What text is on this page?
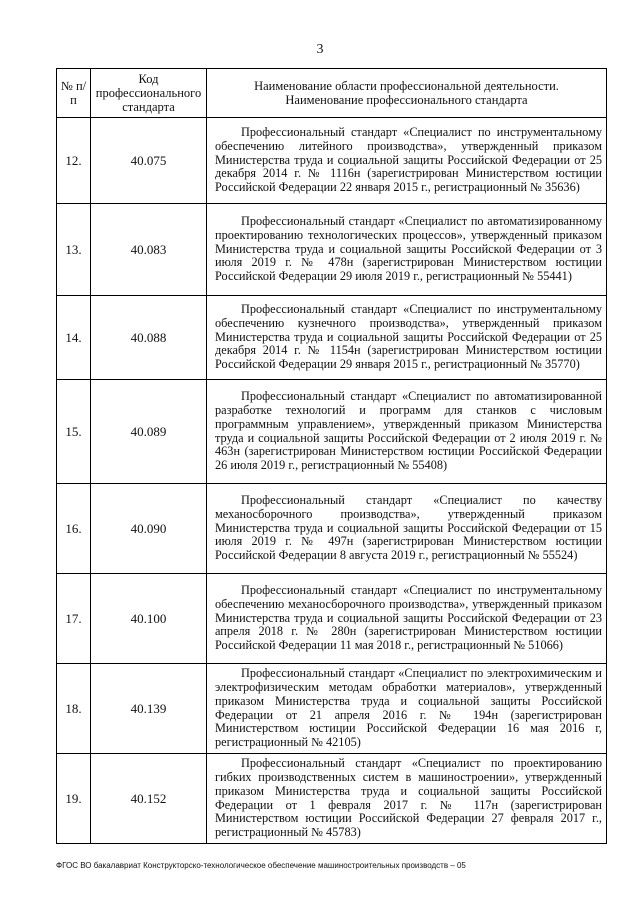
3
№ п/п	Код профессионального стандарта	Наименование области профессиональной деятельности.
Наименование профессионального стандарта

12.	40.075	Профессиональный стандарт «Специалист по инструментальному обеспечению литейного производства», утвержденный приказом Министерства труда и социальной защиты Российской Федерации от 25 декабря 2014 г. № 1116н (зарегистрирован Министерством юстиции Российской Федерации 22 января 2015 г., регистрационный № 35636)
13.	40.083	Профессиональный стандарт «Специалист по автоматизированному проектированию технологических процессов», утвержденный приказом Министерства труда и социальной защиты Российской Федерации от 3 июля 2019 г. № 478н (зарегистрирован Министерством юстиции Российской Федерации 29 июля 2019 г., регистрационный № 55441)
14.	40.088	Профессиональный стандарт «Специалист по инструментальному обеспечению кузнечного производства», утвержденный приказом Министерства труда и социальной защиты Российской Федерации от 25 декабря 2014 г. № 1154н (зарегистрирован Министерством юстиции Российской Федерации 29 января 2015 г., регистрационный № 35770)
15.	40.089	Профессиональный стандарт «Специалист по автоматизированной разработке технологий и программ для станков с числовым программным управлением», утвержденный приказом Министерства труда и социальной защиты Российской Федерации от 2 июля 2019 г. № 463н (зарегистрирован Министерством юстиции Российской Федерации 26 июля 2019 г., регистрационный № 55408)
16.	40.090	Профессиональный стандарт «Специалист по качеству механосборочного производства», утвержденный приказом Министерства труда и социальной защиты Российской Федерации от 15 июля 2019 г. № 497н (зарегистрирован Министерством юстиции Российской Федерации 8 августа 2019 г., регистрационный № 55524)
17.	40.100	Профессиональный стандарт «Специалист по инструментальному обеспечению механосборочного производства», утвержденный приказом Министерства труда и социальной защиты Российской Федерации от 23 апреля 2018 г. № 280н (зарегистрирован Министерством юстиции Российской Федерации 11 мая 2018 г., регистрационный № 51066)
18.	40.139	Профессиональный стандарт «Специалист по электрохимическим и электрофизическим методам обработки материалов», утвержденный приказом Министерства труда и социальной защиты Российской Федерации от 21 апреля 2016 г. № 194н (зарегистрирован Министерством юстиции Российской Федерации 16 мая 2016 г, регистрационный № 42105)
19.	40.152	Профессиональный стандарт «Специалист по проектированию гибких производственных систем в машиностроении», утвержденный приказом Министерства труда и социальной защиты Российской Федерации от 1 февраля 2017 г. № 117н (зарегистрирован Министерством юстиции Российской Федерации 27 февраля 2017 г., регистрационный № 45783)
ФГОС ВО бакалавриат Конструкторско-технологическое обеспечение машиностроительных производств – 05
